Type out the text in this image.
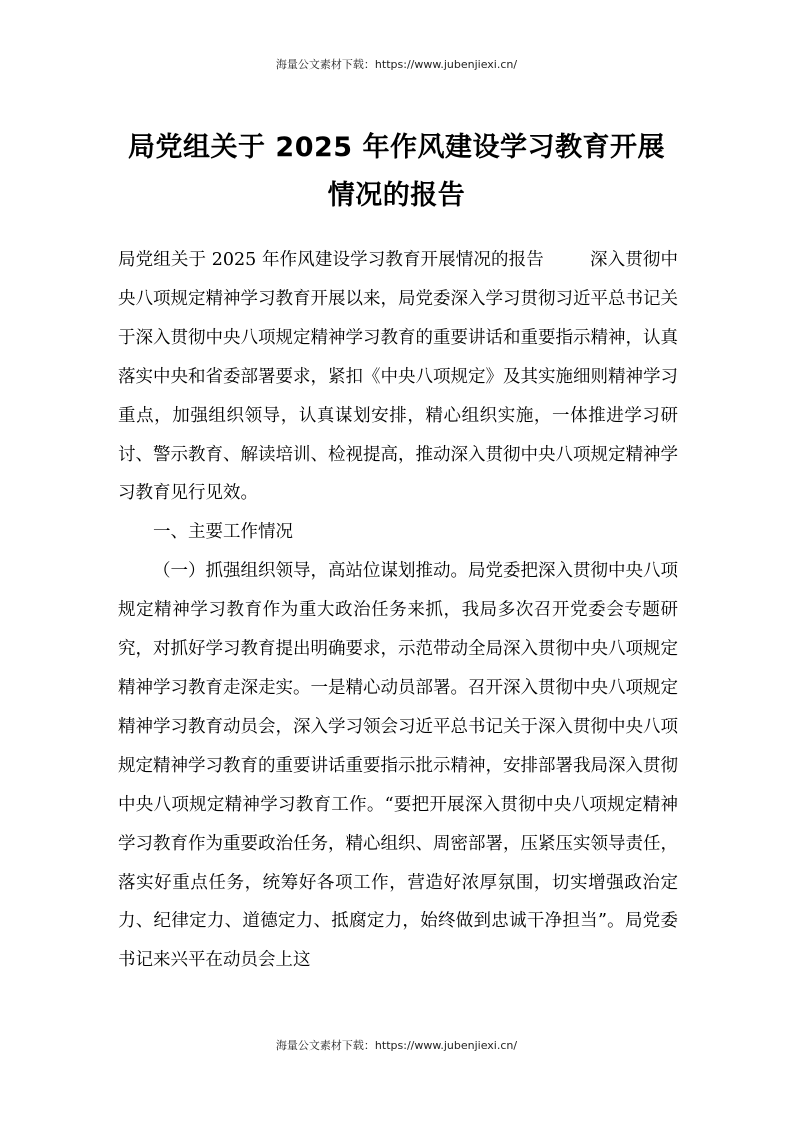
海量公文素材下载：https://www.jubenjiexi.cn/
局党组关于 2025 年作风建设学习教育开展
情况的报告

局党组关于 2025 年作风建设学习教育开展情况的报告	深入贯彻中央八项规定精神学习教育开展以来，局党委深入学习贯彻习近平总书记关于深入贯彻中央八项规定精神学习教育的重要讲话和重要指示精神，认真落实中央和省委部署要求，紧扣《中央八项规定》及其实施细则精神学习重点，加强组织领导，认真谋划安排，精心组织实施，一体推进学习研讨、警示教育、解读培训、检视提高，推动深入贯彻中央八项规定精神学习教育见行见效。

一、主要工作情况

（一）抓强组织领导，高站位谋划推动。局党委把深入贯彻中央八项规定精神学习教育作为重大政治任务来抓，我局多次召开党委会专题研究，对抓好学习教育提出明确要求，示范带动全局深入贯彻中央八项规定精神学习教育走深走实。一是精心动员部署。召开深入贯彻中央八项规定精神学习教育动员会，深入学习领会习近平总书记关于深入贯彻中央八项规定精神学习教育的重要讲话重要指示批示精神，安排部署我局深入贯彻中央八项规定精神学习教育工作。“要把开展深入贯彻中央八项规定精神学习教育作为重要政治任务，精心组织、周密部署，压紧压实领导责任，落实好重点任务，统筹好各项工作，营造好浓厚氛围，切实增强政治定力、纪律定力、道德定力、抵腐定力，始终做到忠诚干净担当”。局党委书记来兴平在动员会上这

海量公文素材下载：https://www.jubenjiexi.cn/
